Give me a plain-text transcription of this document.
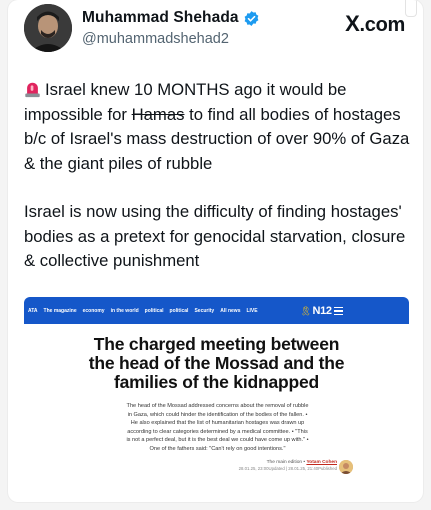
Muhammad Shehada
@muhammadshehad2
X.com

Israel knew 10 MONTHS ago it would be impossible for Hamas to find all bodies of hostages b/c of Israel's mass destruction of over 90% of Gaza & the giant piles of rubble

Israel is now using the difficulty of finding hostages' bodies as a pretext for genocidal starvation, closure & collective punishment

ATA The magazine economy in the world political political Security All news LIVE	🎗 N12
The charged meeting between
the head of the Mossad and the
families of the kidnapped
The head of the Mossad addressed concerns about the removal of rubble
in Gaza, which could hinder the identification of the bodies of the fallen. •
He also explained that the list of humanitarian hostages was drawn up
according to clear categories determined by a medical committee. • "This
is not a perfect deal, but it is the best deal we could have come up with." •
One of the fathers said: "Can't rely on good intentions."
The main edition • Yotam Cohen
28.01.25, 23:00Updated | 28.01.25, 21:40Published
